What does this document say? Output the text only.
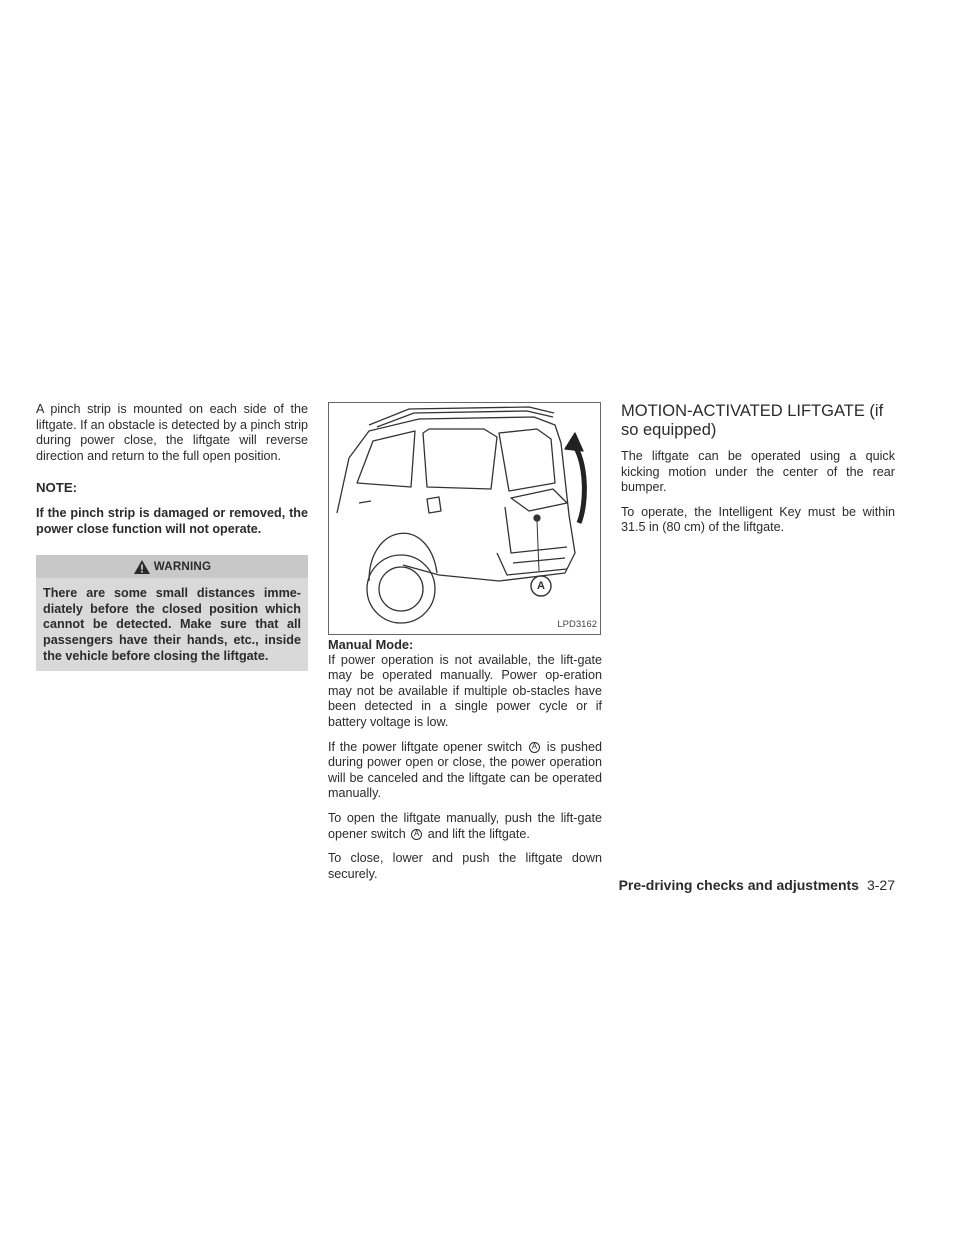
A pinch strip is mounted on each side of the liftgate. If an obstacle is detected by a pinch strip during power close, the liftgate will reverse direction and return to the full open position.

NOTE:

If the pinch strip is damaged or removed, the power close function will not operate.

WARNING
There are some small distances imme-diately before the closed position which cannot be detected. Make sure that all passengers have their hands, etc., inside the vehicle before closing the liftgate.
A
LPD3162
Manual Mode:

If power operation is not available, the lift-gate may be operated manually. Power op-eration may not be available if multiple ob-stacles have been detected in a single power cycle or if battery voltage is low.

If the power liftgate opener switch A is pushed during power open or close, the power operation will be canceled and the liftgate can be operated manually.

To open the liftgate manually, push the lift-gate opener switch A and lift the liftgate.

To close, lower and push the liftgate down securely.

MOTION-ACTIVATED LIFTGATE (if so equipped)

The liftgate can be operated using a quick kicking motion under the center of the rear bumper.

To operate, the Intelligent Key must be within 31.5 in (80 cm) of the liftgate.

Pre-driving checks and adjustments 3-27
